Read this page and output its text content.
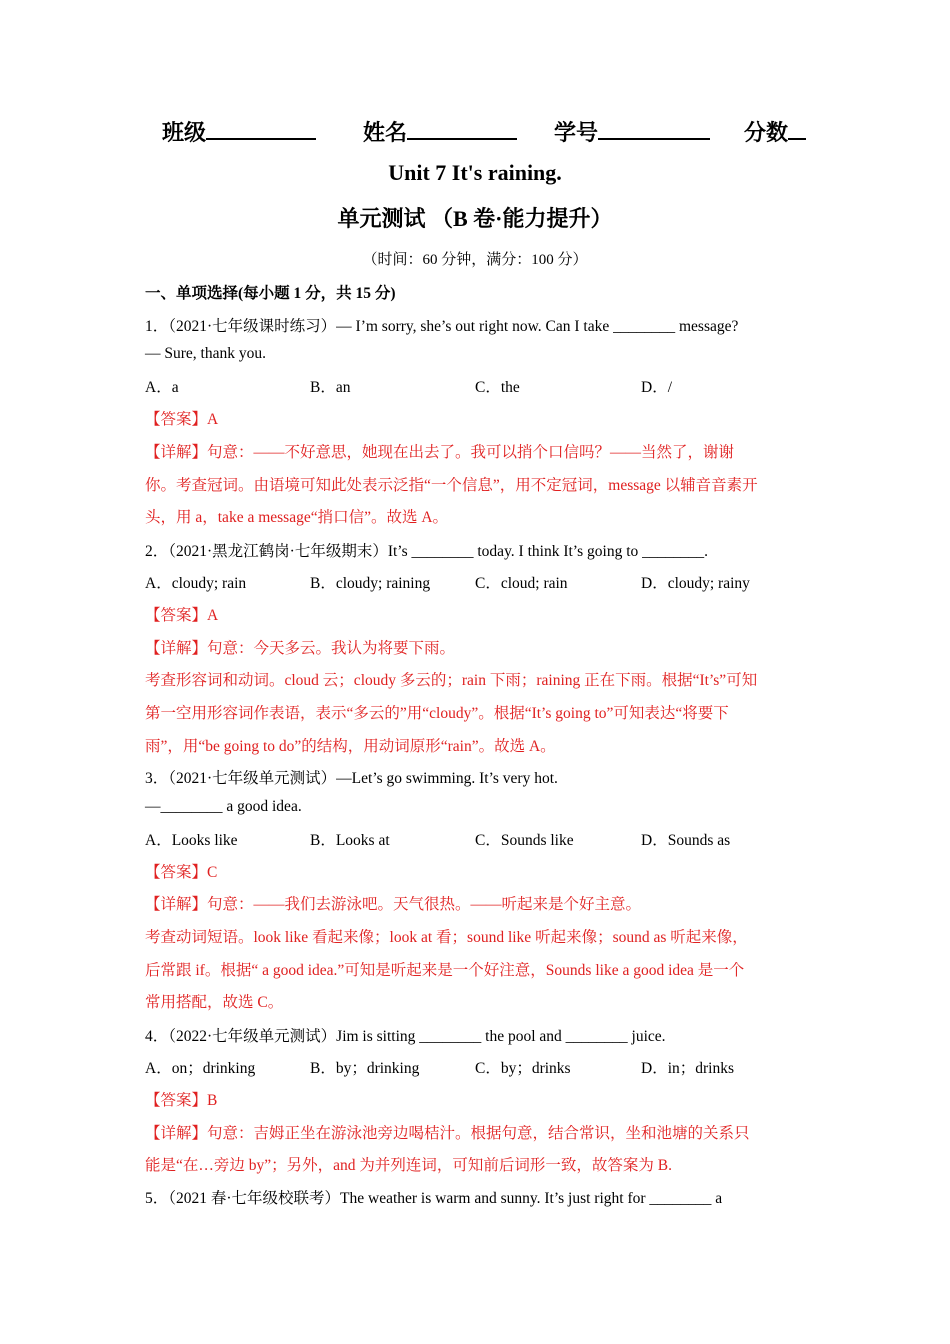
班级	姓名	学号	分数
Unit 7 It's raining.
单元测试 （B 卷·能力提升）
（时间：60 分钟，满分：100 分）
一、单项选择(每小题 1 分，共 15 分)
1．（2021·七年级课时练习）— I’m sorry, she’s out right now. Can I take ________ message?
— Sure, thank you.
A．a	B．an	C．the	D．/
【答案】A
【详解】句意：——不好意思，她现在出去了。我可以捎个口信吗？——当然了，谢谢
你。考查冠词。由语境可知此处表示泛指“一个信息”，用不定冠词，message 以辅音音素开
头，用 a，take a message“捎口信”。故选 A。
2．（2021·黑龙江鹤岗·七年级期末）It’s ________ today. I think It’s going to ________.
A．cloudy; rain	B．cloudy; raining	C．cloud; rain	D．cloudy; rainy
【答案】A
【详解】句意：今天多云。我认为将要下雨。
考查形容词和动词。cloud 云；cloudy 多云的；rain 下雨；raining 正在下雨。根据“It’s”可知
第一空用形容词作表语，表示“多云的”用“cloudy”。根据“It’s going to”可知表达“将要下
雨”，用“be going to do”的结构，用动词原形“rain”。故选 A。
3．（2021·七年级单元测试）—Let’s go swimming. It’s very hot.
—________ a good idea.
A．Looks like	B．Looks at	C．Sounds like	D．Sounds as
【答案】C
【详解】句意：——我们去游泳吧。天气很热。——听起来是个好主意。
考查动词短语。look like 看起来像；look at 看；sound like 听起来像；sound as 听起来像，
后常跟 if。根据“ a good idea.”可知是听起来是一个好注意，Sounds like a good idea 是一个
常用搭配，故选 C。
4．（2022·七年级单元测试）Jim is sitting ________ the pool and ________ juice.
A．on；drinking	B．by；drinking	C．by；drinks	D．in；drinks
【答案】B
【详解】句意：吉姆正坐在游泳池旁边喝桔汁。根据句意，结合常识，坐和池塘的关系只
能是“在…旁边 by”；另外，and 为并列连词，可知前后词形一致，故答案为 B.
5．（2021 春·七年级校联考）The weather is warm and sunny. It’s just right for ________ a
